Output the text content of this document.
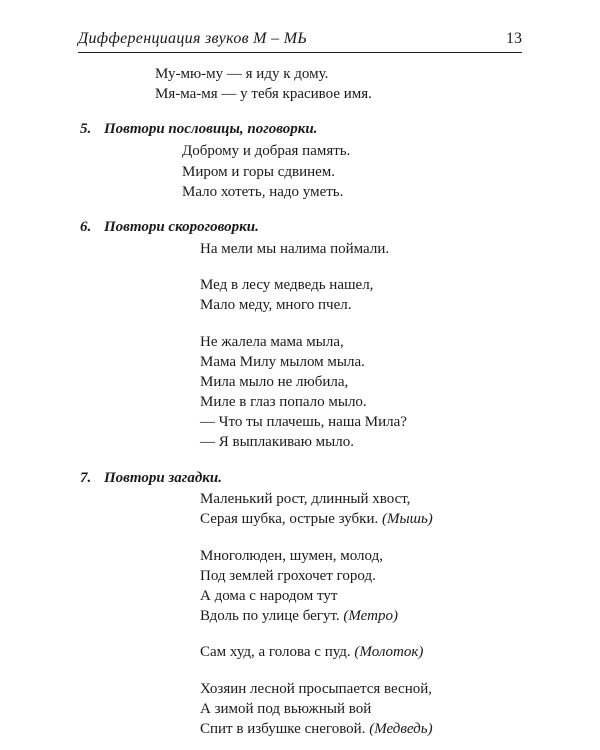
Дифференциация звуков М – МЬ	13
Му-мю-му — я иду к дому.
Мя-ма-мя — у тебя красивое имя.
5. Повтори пословицы, поговорки.
Доброму и добрая память.
Миром и горы сдвинем.
Мало хотеть, надо уметь.
6. Повтори скороговорки.
На мели мы налима поймали.
Мед в лесу медведь нашел,
Мало меду, много пчел.
Не жалела мама мыла,
Мама Милу мылом мыла.
Мила мыло не любила,
Миле в глаз попало мыло.
— Что ты плачешь, наша Мила?
— Я выплакиваю мыло.
7. Повтори загадки.
Маленький рост, длинный хвост,
Серая шубка, острые зубки. (Мышь)
Многолюден, шумен, молод,
Под землей грохочет город.
А дома с народом тут
Вдоль по улице бегут. (Метро)
Сам худ, а голова с пуд. (Молоток)
Хозяин лесной просыпается весной,
А зимой под вьюжный вой
Спит в избушке снеговой. (Медведь)
